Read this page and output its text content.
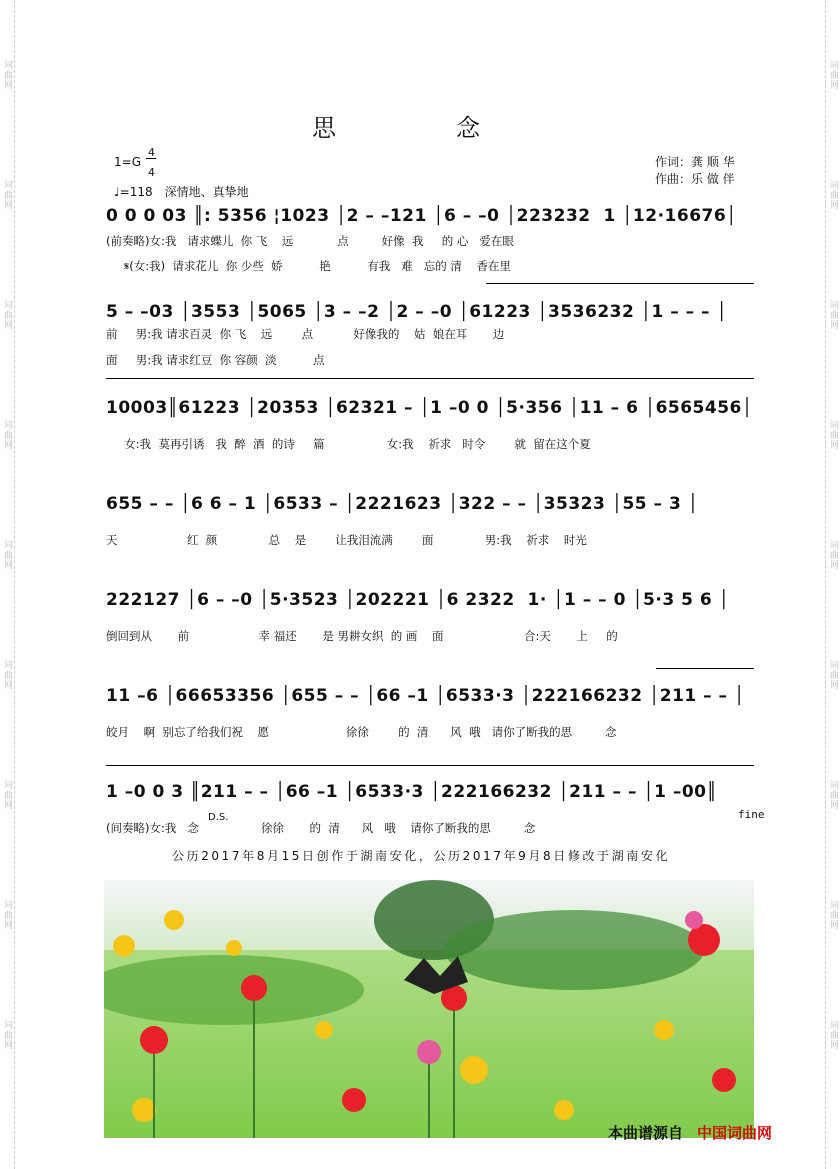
词曲网
词曲网
词曲网
词曲网
词曲网
词曲网
词曲网
词曲网
词曲网
词曲网
词曲网
词曲网
词曲网
词曲网
词曲网
词曲网
词曲网
词曲网
思　念
1=G
4
4
♩=118　深情地、真挚地
作词：龚 顺 华
作曲：乐 做 伴
0 0 0 03 ║: 5356 ¦1023 │2 – –121 │6 – –0 │223232  1 │12·16676│
(前奏略)女:我   请求蝶儿  你 飞    远            点         好像  我     的 心   爱在眼
𝄋(女:我)  请求花儿  你 少些  娇          艳          有我   难   忘的 清    香在里
5 – –03 │3553 │5065 │3 – –2 │2 – –0 │61223 │3536232 │1 – – – │
前     男:我 请求百灵  你 飞    远        点           好像我的    姑  娘在耳       边
面     男:我 请求红豆  你 容颜  淡          点
10003║61223 │20353 │62321 – │1 –0 0 │5·356 │11 – 6 │6565456│
女:我  莫再引诱   我  醉  酒  的诗     篇                 女:我    祈求   时令        就  留在这个夏
655 – – │6 6 – 1 │6533 – │2221623 │322 – – │35323 │55 – 3 │
天                   红  颜              总    是        让我泪流满        面              男:我    祈求    时光
222127 │6 – –0 │5·3523 │202221 │6 2322  1· │1 – – 0 │5·3 5 6 │
倒回到从       前                   幸 福还       是 男耕女织  的 画    面                      合:天       上     的
11 –6 │66653356 │655 – – │66 –1 │6533·3 │222166232 │211 – – │
皎月    啊  别忘了给我们祝    愿                     徐徐        的  清      风  哦   请你了断我的思         念
1 –0 0 3 ║211 – – │66 –1 │6533·3 │222166232 │211 – – │1 –00║
(间奏略)女:我   念                 徐徐       的  清      风   哦    请你了断我的思         念
fine
D.S.
公历2017年8月15日创作于湖南安化，公历2017年9月8日修改于湖南安化
本曲谱源自 中国词曲网
